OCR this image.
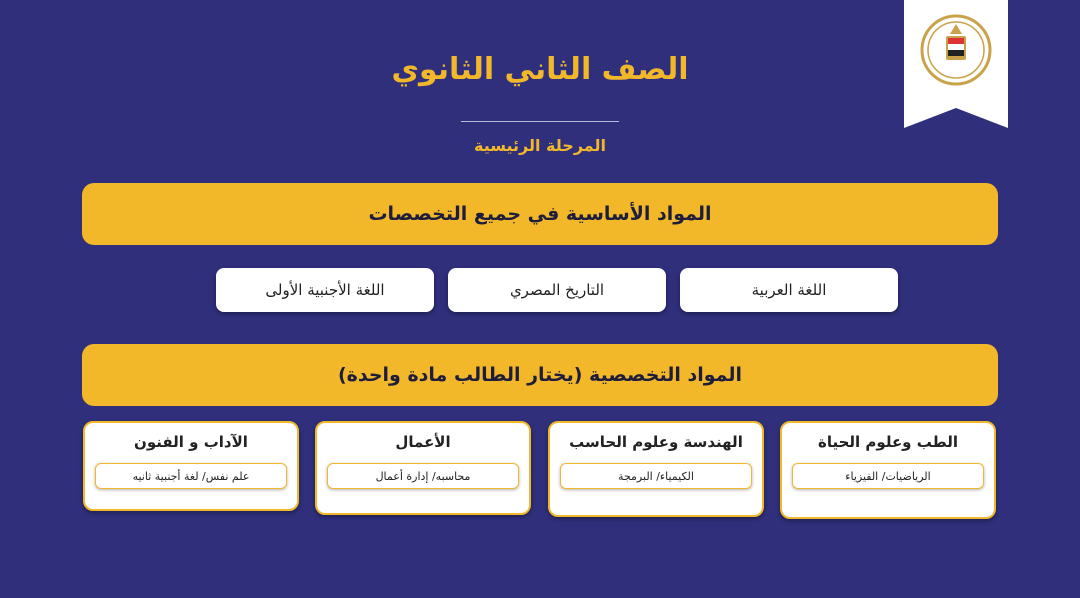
الصف الثاني الثانوي
المرحلة الرئيسية
المواد الأساسية في جميع التخصصات
اللغة العربية
التاريخ المصري
اللغة الأجنبية الأولى
المواد التخصصية (يختار الطالب مادة واحدة)
الطب وعلوم الحياة
الرياضيات/ الفيزياء
الهندسة وعلوم الحاسب
الكيمياء/ البرمجة
الأعمال
محاسبه/ إدارة أعمال
الآداب و الفنون
علم نفس/ لغة أجنبية ثانيه
